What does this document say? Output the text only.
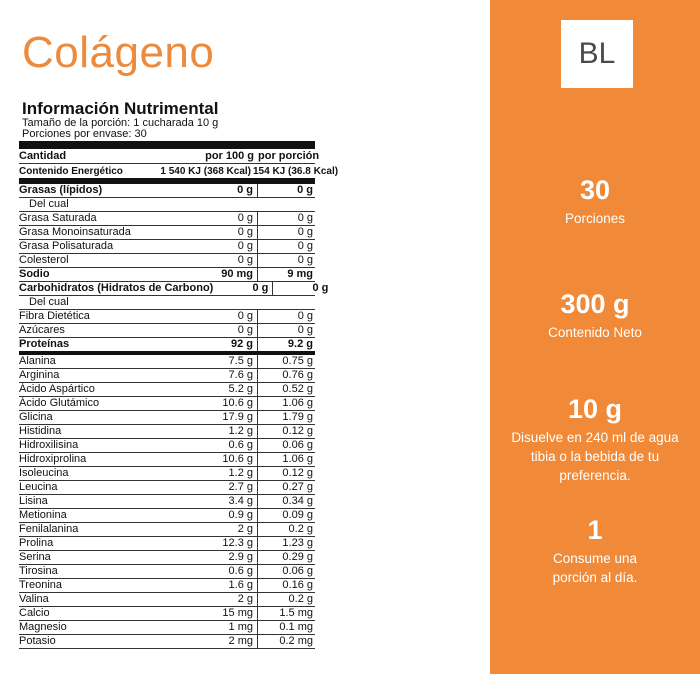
Colágeno
Información Nutrimental
Tamaño de la porción: 1 cucharada 10 g
Porciones por envase: 30
Cantidad	por 100 g por porción
Contenido Energético	1 540 KJ (368 Kcal) 154 KJ (36.8 Kcal)
Grasas (lípidos)	0 g	0 g
Del cual
Grasa Saturada	0 g	0 g
Grasa Monoinsaturada	0 g	0 g
Grasa Polisaturada	0 g	0 g
Colesterol	0 g	0 g
Sodio	90 mg	9 mg
Carbohidratos (Hidratos de Carbono)	0 g	0 g
Del cual
Fibra Dietética	0 g	0 g
Azúcares	0 g	0 g
Proteínas	92 g	9.2 g
Alanina	7.5 g	0.75 g
Arginina	7.6 g	0.76 g
Ácido Aspártico	5.2 g	0.52 g
Ácido Glutámico	10.6 g	1.06 g
Glicina	17.9 g	1.79 g
Histidina	1.2 g	0.12 g
Hidroxilisina	0.6 g	0.06 g
Hidroxiprolina	10.6 g	1.06 g
Isoleucina	1.2 g	0.12 g
Leucina	2.7 g	0.27 g
Lisina	3.4 g	0.34 g
Metionina	0.9 g	0.09 g
Fenilalanina	2 g	0.2 g
Prolina	12.3 g	1.23 g
Serina	2.9 g	0.29 g
Tirosina	0.6 g	0.06 g
Treonina	1.6 g	0.16 g
Valina	2 g	0.2 g
Calcio	15 mg	1.5 mg
Magnesio	1 mg	0.1 mg
Potasio	2 mg	0.2 mg
BL
30
Porciones
300 g
Contenido Neto
10 g
Disuelve en 240 ml de agua tibia o la bebida de tu preferencia.
1
Consume una porción al día.
